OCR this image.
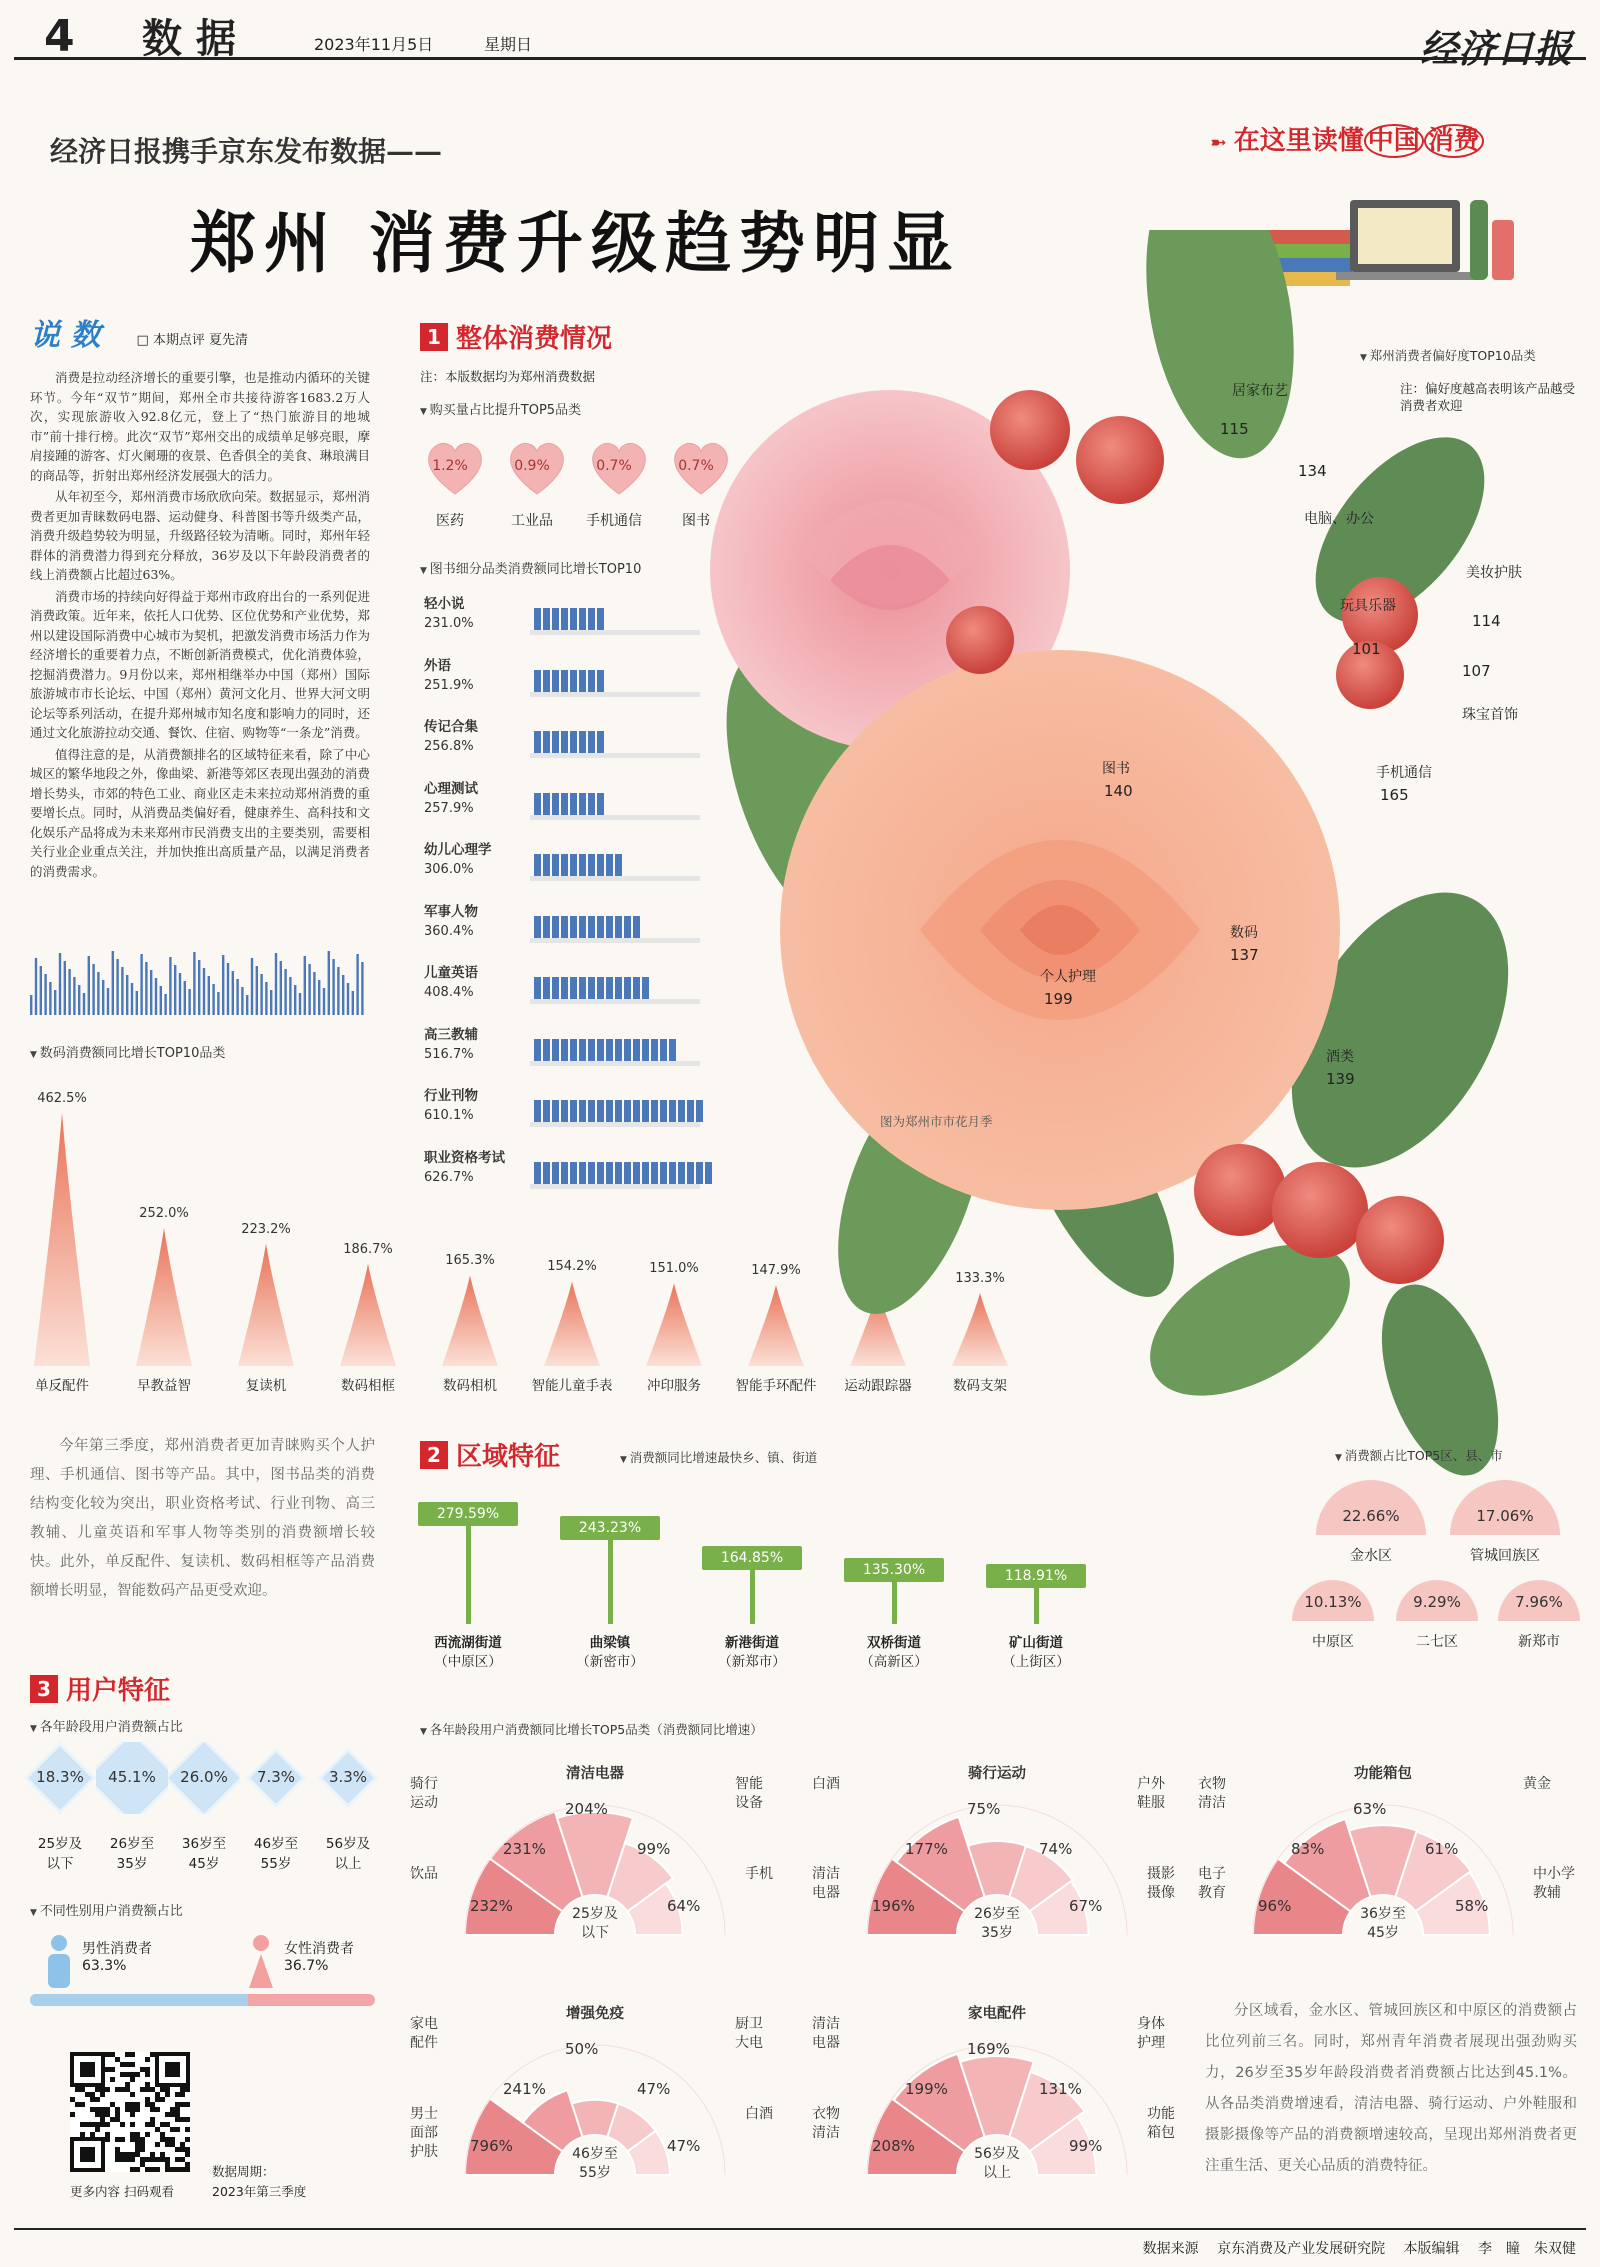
4 数据	2023年11月5日	星期日	经济日报
➼ 在这里读懂 中国 消费
经济日报携手京东发布数据——
郑州 消费升级趋势明显
说 数	□ 本期点评 夏先清

消费是拉动经济增长的重要引擎，也是推动内循环的关键环节。今年“双节”期间，郑州全市共接待游客1683.2万人次，实现旅游收入92.8亿元，登上了“热门旅游目的地城市”前十排行榜。此次“双节”郑州交出的成绩单足够亮眼，摩肩接踵的游客、灯火阑珊的夜景、色香俱全的美食、琳琅满目的商品等，折射出郑州经济发展强大的活力。

从年初至今，郑州消费市场欣欣向荣。数据显示，郑州消费者更加青睐数码电器、运动健身、科普图书等升级类产品，消费升级趋势较为明显，升级路径较为清晰。同时，郑州年轻群体的消费潜力得到充分释放，36岁及以下年龄段消费者的线上消费额占比超过63%。

消费市场的持续向好得益于郑州市政府出台的一系列促进消费政策。近年来，依托人口优势、区位优势和产业优势，郑州以建设国际消费中心城市为契机，把激发消费市场活力作为经济增长的重要着力点，不断创新消费模式，优化消费体验，挖掘消费潜力。9月份以来，郑州相继举办中国（郑州）国际旅游城市市长论坛、中国（郑州）黄河文化月、世界大河文明论坛等系列活动，在提升郑州城市知名度和影响力的同时，还通过文化旅游拉动交通、餐饮、住宿、购物等“一条龙”消费。

值得注意的是，从消费额排名的区域特征来看，除了中心城区的繁华地段之外，像曲梁、新港等郊区表现出强劲的消费增长势头，市郊的特色工业、商业区走未来拉动郑州消费的重要增长点。同时，从消费品类偏好看，健康养生、高科技和文化娱乐产品将成为未来郑州市民消费支出的主要类别，需要相关行业企业重点关注，并加快推出高质量产品，以满足消费者的消费需求。

1 整体消费情况
注：本版数据均为郑州消费数据
▼ 购买量占比提升TOP5品类
1.2%
医药
0.9%
工业品
0.7%
手机通信
0.7%
图书
▼ 图书细分品类消费额同比增长TOP10
轻小说
231.0%
外语
251.9%
传记合集
256.8%
心理测试
257.9%
幼儿心理学
306.0%
军事人物
360.4%
儿童英语
408.4%
高三教辅
516.7%
行业刊物
610.1%
职业资格考试
626.7%
▼ 数码消费额同比增长TOP10品类
462.5%
单反配件
252.0%
早教益智
223.2%
复读机
186.7%
数码相框
165.3%
数码相机
154.2%
智能儿童手表
151.0%
冲印服务
147.9%
智能手环配件	运动跟踪器
133.3%
数码支架
▼ 郑州消费者偏好度TOP10品类
注：偏好度越高表明该产品越受消费者欢迎
图为郑州市市花月季
居家布艺
115
电脑、办公
134
玩具乐器
101
美妆护肤
114
珠宝首饰
107
图书
140
手机通信
165
数码
137
个人护理
199
酒类
139

今年第三季度，郑州消费者更加青睐购买个人护理、手机通信、图书等产品。其中，图书品类的消费结构变化较为突出，职业资格考试、行业刊物、高三教辅、儿童英语和军事人物等类别的消费额增长较快。此外，单反配件、复读机、数码相框等产品消费额增长明显，智能数码产品更受欢迎。

2 区域特征
▼	消费额同比增速最快乡、镇、街道
279.59%
243.23%
164.85%
135.30%	118.91%
西流湖街道
（中原区）
曲梁镇
（新密市）
新港街道
（新郑市）
双桥街道
（高新区）
矿山街道
（上街区）
▼ 消费额占比TOP5区、县、市
22.66%
金水区
17.06%
管城回族区
10.13%
中原区
9.29%
二七区
7.96%
新郑市
3 用户特征
▼ 各年龄段用户消费额占比
18.3%
25岁及
以下
45.1%
26岁至
35岁
26.0%
36岁至
45岁
7.3%
46岁至
55岁
3.3%
56岁及
以上
▼ 不同性别用户消费额占比
男性消费者
63.3%
女性消费者
36.7%
更多内容 扫码观看
数据周期：
2023年第三季度
▼ 各年龄段用户消费额同比增长TOP5品类（消费额同比增速）
清洁电器
25岁及
以下
232%
231%
204%
99%
64%
饮品
骑行
运动
智能
设备
手机
骑行运动
26岁至
35岁
196%
177%
75%
74%
67%
清洁
电器
白酒	户外
鞋服
摄影
摄像
功能箱包
36岁至
45岁
96%
83%
63%
61%
58%
电子
教育
衣物
清洁
黄金
中小学
教辅
增强免疫
46岁至
55岁
796%
241%
50%
47%
47%
男士
面部
护肤
家电
配件
厨卫
大电
白酒
家电配件
56岁及
以上
208%
199%
169%
131%
99%
衣物
清洁
清洁
电器
身体
护理
功能
箱包

分区域看，金水区、管城回族区和中原区的消费额占比位列前三名。同时，郑州青年消费者展现出强劲购买力，26岁至35岁年龄段消费者消费额占比达到45.1%。从各品类消费增速看，清洁电器、骑行运动、户外鞋服和摄影摄像等产品的消费额增速较高，呈现出郑州消费者更注重生活、更关心品质的消费特征。

数据来源　 京东消费及产业发展研究院　 本版编辑　 李　瞳　朱双健
